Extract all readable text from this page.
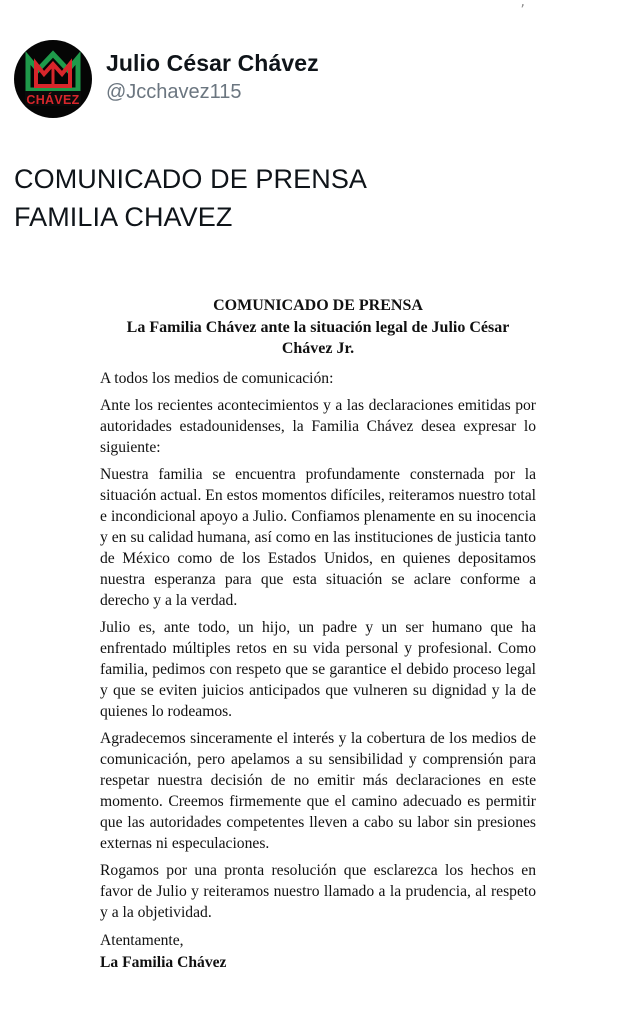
,
CHÁVEZ
Julio César Chávez
@Jcchavez115
COMUNICADO DE PRENSA
FAMILIA CHAVEZ
COMUNICADO DE PRENSA
La Familia Chávez ante la situación legal de Julio César Chávez Jr.
A todos los medios de comunicación:
Ante los recientes acontecimientos y a las declaraciones emitidas por autoridades estadounidenses, la Familia Chávez desea expresar lo siguiente:
Nuestra familia se encuentra profundamente consternada por la situación actual. En estos momentos difíciles, reiteramos nuestro total e incondicional apoyo a Julio. Confiamos plenamente en su inocencia y en su calidad humana, así como en las instituciones de justicia tanto de México como de los Estados Unidos, en quienes depositamos nuestra esperanza para que esta situación se aclare conforme a derecho y a la verdad.
Julio es, ante todo, un hijo, un padre y un ser humano que ha enfrentado múltiples retos en su vida personal y profesional. Como familia, pedimos con respeto que se garantice el debido proceso legal y que se eviten juicios anticipados que vulneren su dignidad y la de quienes lo rodeamos.
Agradecemos sinceramente el interés y la cobertura de los medios de comunicación, pero apelamos a su sensibilidad y comprensión para respetar nuestra decisión de no emitir más declaraciones en este momento. Creemos firmemente que el camino adecuado es permitir que las autoridades competentes lleven a cabo su labor sin presiones externas ni especulaciones.
Rogamos por una pronta resolución que esclarezca los hechos en favor de Julio y reiteramos nuestro llamado a la prudencia, al respeto y a la objetividad.
Atentamente,
La Familia Chávez
